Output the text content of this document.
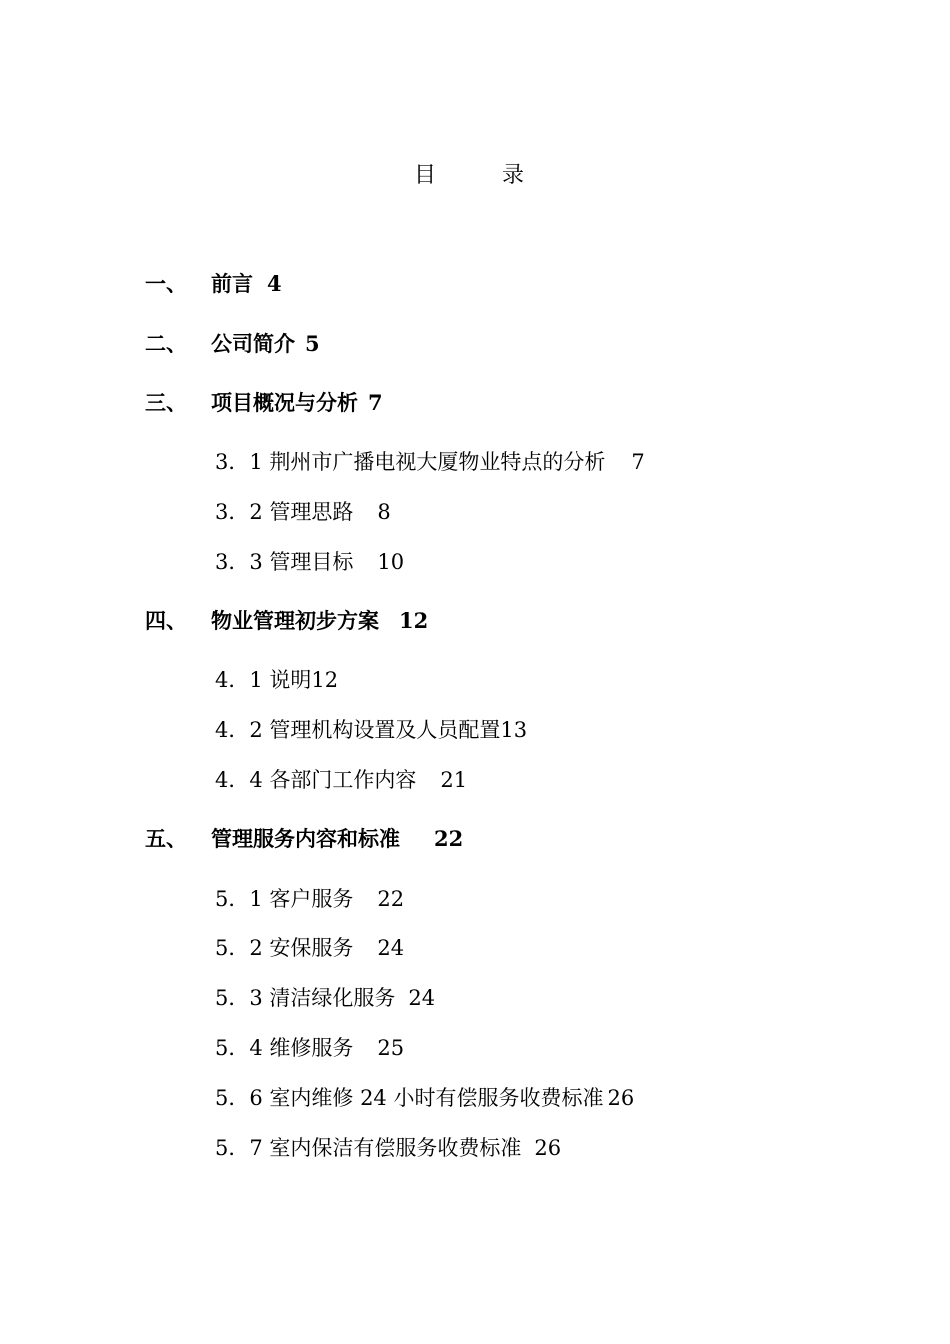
目　录
一、 前言 4
二、 公司简介 5
三、 项目概况与分析 7
3．1 荆州市广播电视大厦物业特点的分析 7
3．2 管理思路 8
3．3 管理目标 10
四、 物业管理初步方案 12
4．1 说明12
4．2 管理机构设置及人员配置13
4．4 各部门工作内容 21
五、 管理服务内容和标准 22
5．1 客户服务 22
5．2 安保服务 24
5．3 清洁绿化服务 24
5．4 维修服务 25
5．6 室内维修 24 小时有偿服务收费标准 26
5．7 室内保洁有偿服务收费标准 26
